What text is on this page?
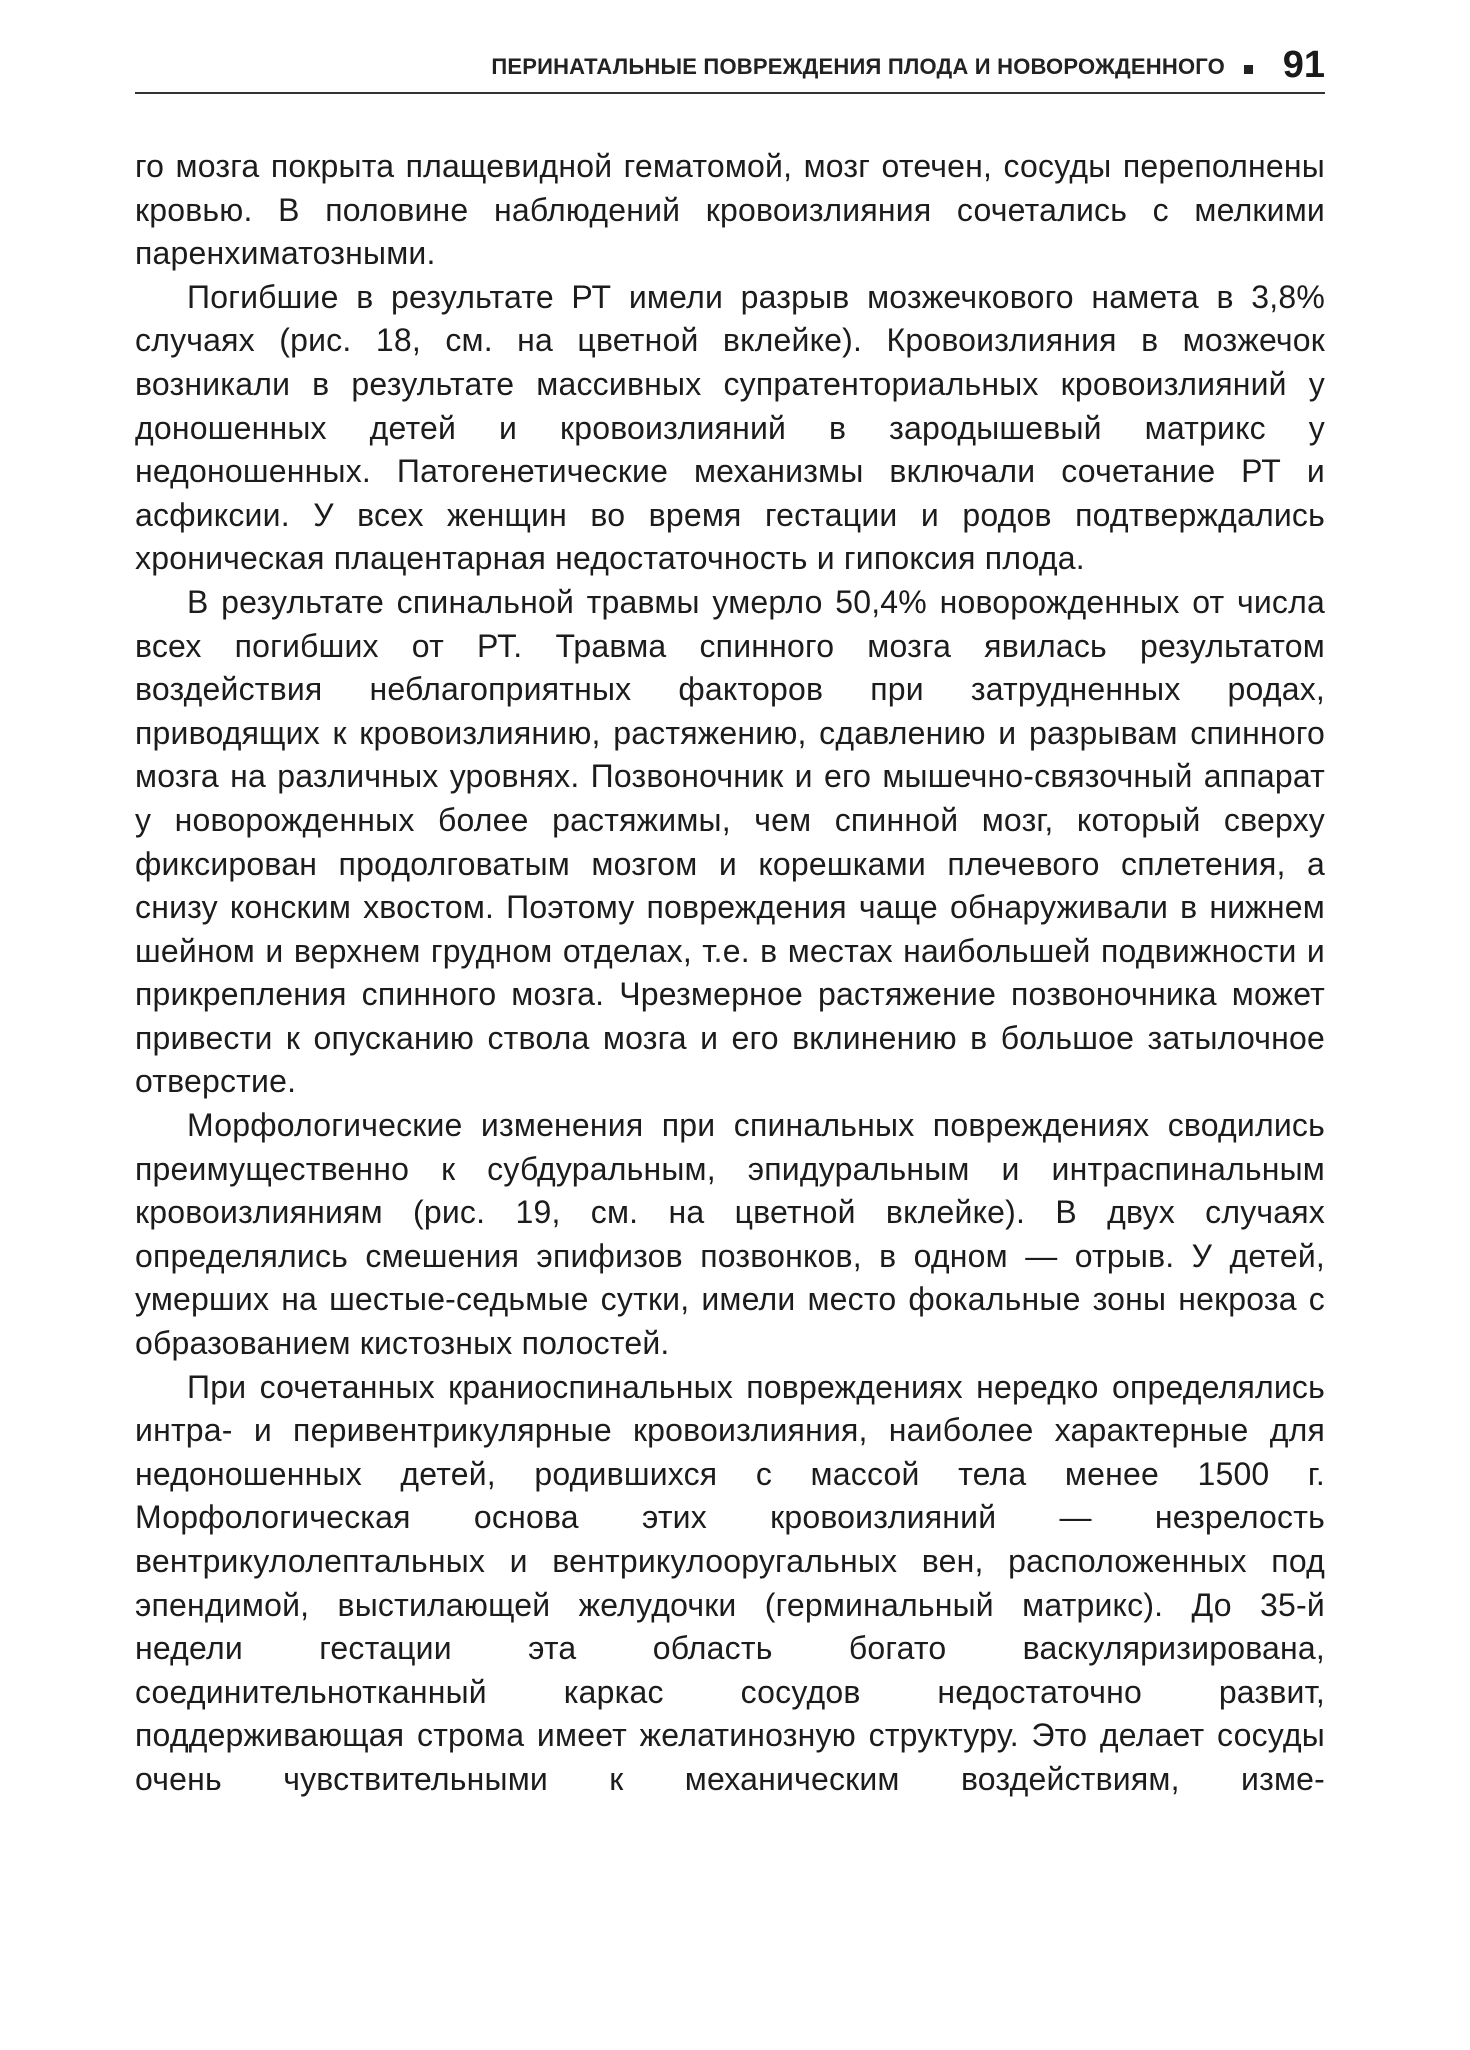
ПЕРИНАТАЛЬНЫЕ ПОВРЕЖДЕНИЯ ПЛОДА И НОВОРОЖДЕННОГО 91

го мозга покрыта плащевидной гематомой, мозг отечен, сосуды переполнены кровью. В половине наблюдений кровоизлияния сочетались с мелкими паренхиматозными.

Погибшие в результате РТ имели разрыв мозжечкового намета в 3,8% случаях (рис. 18, см. на цветной вклейке). Кровоизлияния в мозжечок возникали в результате массивных супратенториальных кровоизлияний у доношенных детей и кровоизлияний в зародышевый матрикс у недоношенных. Патогенетические механизмы включали сочетание РТ и асфиксии. У всех женщин во время гестации и родов подтверждались хроническая плацентарная недостаточность и гипоксия плода.

В результате спинальной травмы умерло 50,4% новорожденных от числа всех погибших от РТ. Травма спинного мозга явилась результатом воздействия неблагоприятных факторов при затрудненных родах, приводящих к кровоизлиянию, растяжению, сдавлению и разрывам спинного мозга на различных уровнях. Позвоночник и его мышечно-связочный аппарат у новорожденных более растяжимы, чем спинной мозг, который сверху фиксирован продолговатым мозгом и корешками плечевого сплетения, а снизу конским хвостом. Поэтому повреждения чаще обнаруживали в нижнем шейном и верхнем грудном отделах, т.е. в местах наибольшей подвижности и прикрепления спинного мозга. Чрезмерное растяжение позвоночника может привести к опусканию ствола мозга и его вклинению в большое затылочное отверстие.

Морфологические изменения при спинальных повреждениях сводились преимущественно к субдуральным, эпидуральным и интраспинальным кровоизлияниям (рис. 19, см. на цветной вклейке). В двух случаях определялись смешения эпифизов позвонков, в одном — отрыв. У детей, умерших на шестые-седьмые сутки, имели место фокальные зоны некроза с образованием кистозных полостей.

При сочетанных краниоспинальных повреждениях нередко определялись интра- и перивентрикулярные кровоизлияния, наиболее характерные для недоношенных детей, родившихся с массой тела менее 1500 г. Морфологическая основа этих кровоизлияний — незрелость вентрикулолептальных и вентрикулооругальных вен, расположенных под эпендимой, выстилающей желудочки (герминальный матрикс). До 35-й недели гестации эта область богато васкуляризирована, соединительнотканный каркас сосудов недостаточно развит, поддерживающая строма имеет желатинозную структуру. Это делает сосуды очень чувствительными к механическим воздействиям, изме-
